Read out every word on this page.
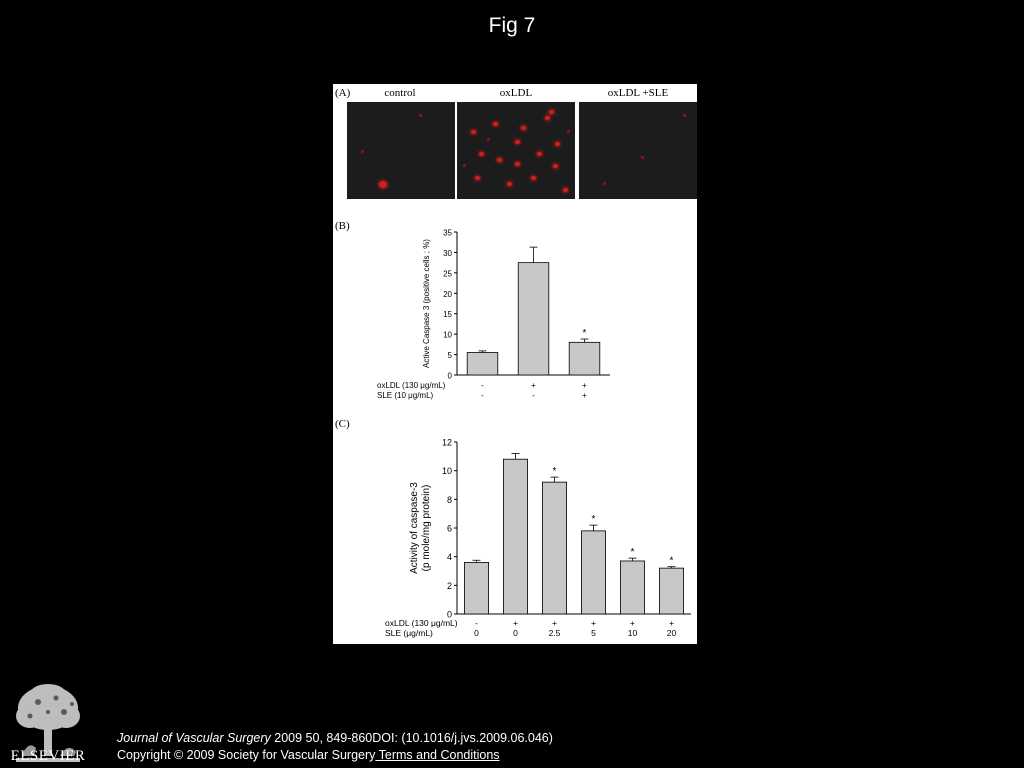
Fig 7
(A)	control	oxLDL	oxLDL +SLE
(B)
0
5
10
15
20
25
30
35
Active Caspase 3 (positive cells ; %)	*
oxLDL (130 μg/mL)	-	+	+
SLE (10 μg/mL)	-	-	+
(C)
0
2
4
6
8
10
12
Activity of caspase-3 (p mole/mg protein)
*
*
*
*
oxLDL (130 μg/mL) -	+	+	+	+	+
SLE (μg/mL)	0	0	2.5	5	10	20
ELSEVIER
Journal of Vascular Surgery 2009 50, 849-860DOI: (10.1016/j.jvs.2009.06.046)
Copyright © 2009 Society for Vascular Surgery Terms and Conditions
